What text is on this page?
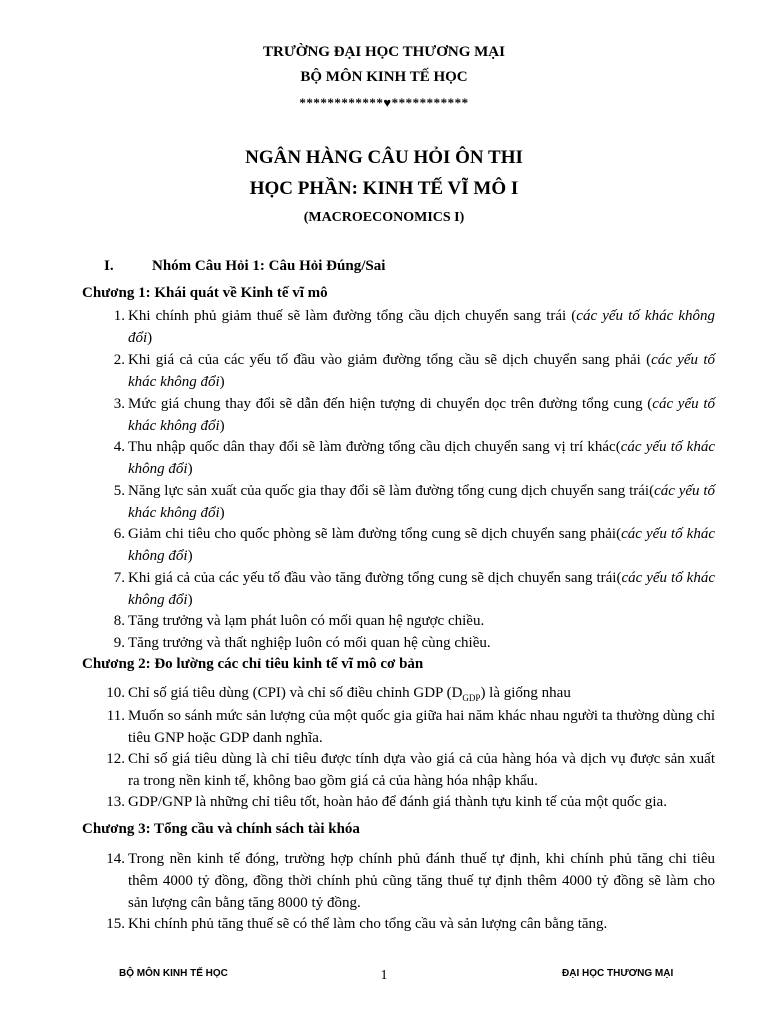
TRƯỜNG ĐẠI HỌC THƯƠNG MẠI
BỘ MÔN KINH TẾ HỌC
************♥***********
NGÂN HÀNG CÂU HỎI ÔN THI
HỌC PHẦN: KINH TẾ VĨ MÔ I
(MACROECONOMICS I)
I.	Nhóm Câu Hỏi 1: Câu Hỏi Đúng/Sai
Chương 1: Khái quát về Kinh tế vĩ mô
1. Khi chính phủ giảm thuế sẽ làm đường tổng cầu dịch chuyển sang trái (các yếu tố khác không đổi)
2. Khi giá cả của các yếu tố đầu vào giảm đường tổng cầu sẽ dịch chuyển sang phải (các yếu tố khác không đổi)
3. Mức giá chung thay đổi sẽ dẫn đến hiện tượng di chuyển dọc trên đường tổng cung (các yếu tố khác không đổi)
4. Thu nhập quốc dân thay đổi sẽ làm đường tổng cầu dịch chuyển sang vị trí khác(các yếu tố khác không đổi)
5. Năng lực sản xuất của quốc gia thay đổi sẽ làm đường tổng cung dịch chuyển sang trái(các yếu tố khác không đổi)
6. Giảm chi tiêu cho quốc phòng sẽ làm đường tổng cung sẽ dịch chuyển sang phải(các yếu tố khác không đổi)
7. Khi giá cả của các yếu tố đầu vào tăng đường tổng cung sẽ dịch chuyển sang trái(các yếu tố khác không đổi)
8. Tăng trưởng và lạm phát luôn có mối quan hệ ngược chiều.
9. Tăng trưởng và thất nghiệp luôn có mối quan hệ cùng chiều.
Chương 2: Đo lường các chỉ tiêu kinh tế vĩ mô cơ bản
10. Chỉ số giá tiêu dùng (CPI) và chỉ số điều chỉnh GDP $(D_{GDP})$ là giống nhau
11. Muốn so sánh mức sản lượng của một quốc gia giữa hai năm khác nhau người ta thường dùng chỉ tiêu GNP hoặc GDP danh nghĩa.
12. Chỉ số giá tiêu dùng là chỉ tiêu được tính dựa vào giá cả của hàng hóa và dịch vụ được sản xuất ra trong nền kinh tế, không bao gồm giá cả của hàng hóa nhập khẩu.
13. GDP/GNP là những chỉ tiêu tốt, hoàn hảo để đánh giá thành tựu kinh tế của một quốc gia.
Chương 3: Tổng cầu và chính sách tài khóa
14. Trong nền kinh tế đóng, trường hợp chính phủ đánh thuế tự định, khi chính phủ tăng chi tiêu thêm 4000 tỷ đồng, đồng thời chính phủ cũng tăng thuế tự định thêm 4000 tỷ đồng sẽ làm cho sản lượng cân bằng tăng 8000 tỷ đồng.
15. Khi chính phủ tăng thuế sẽ có thể làm cho tổng cầu và sản lượng cân bằng tăng.
BỘ MÔN KINH TẾ HỌC	1	ĐẠI HỌC THƯƠNG MẠI
